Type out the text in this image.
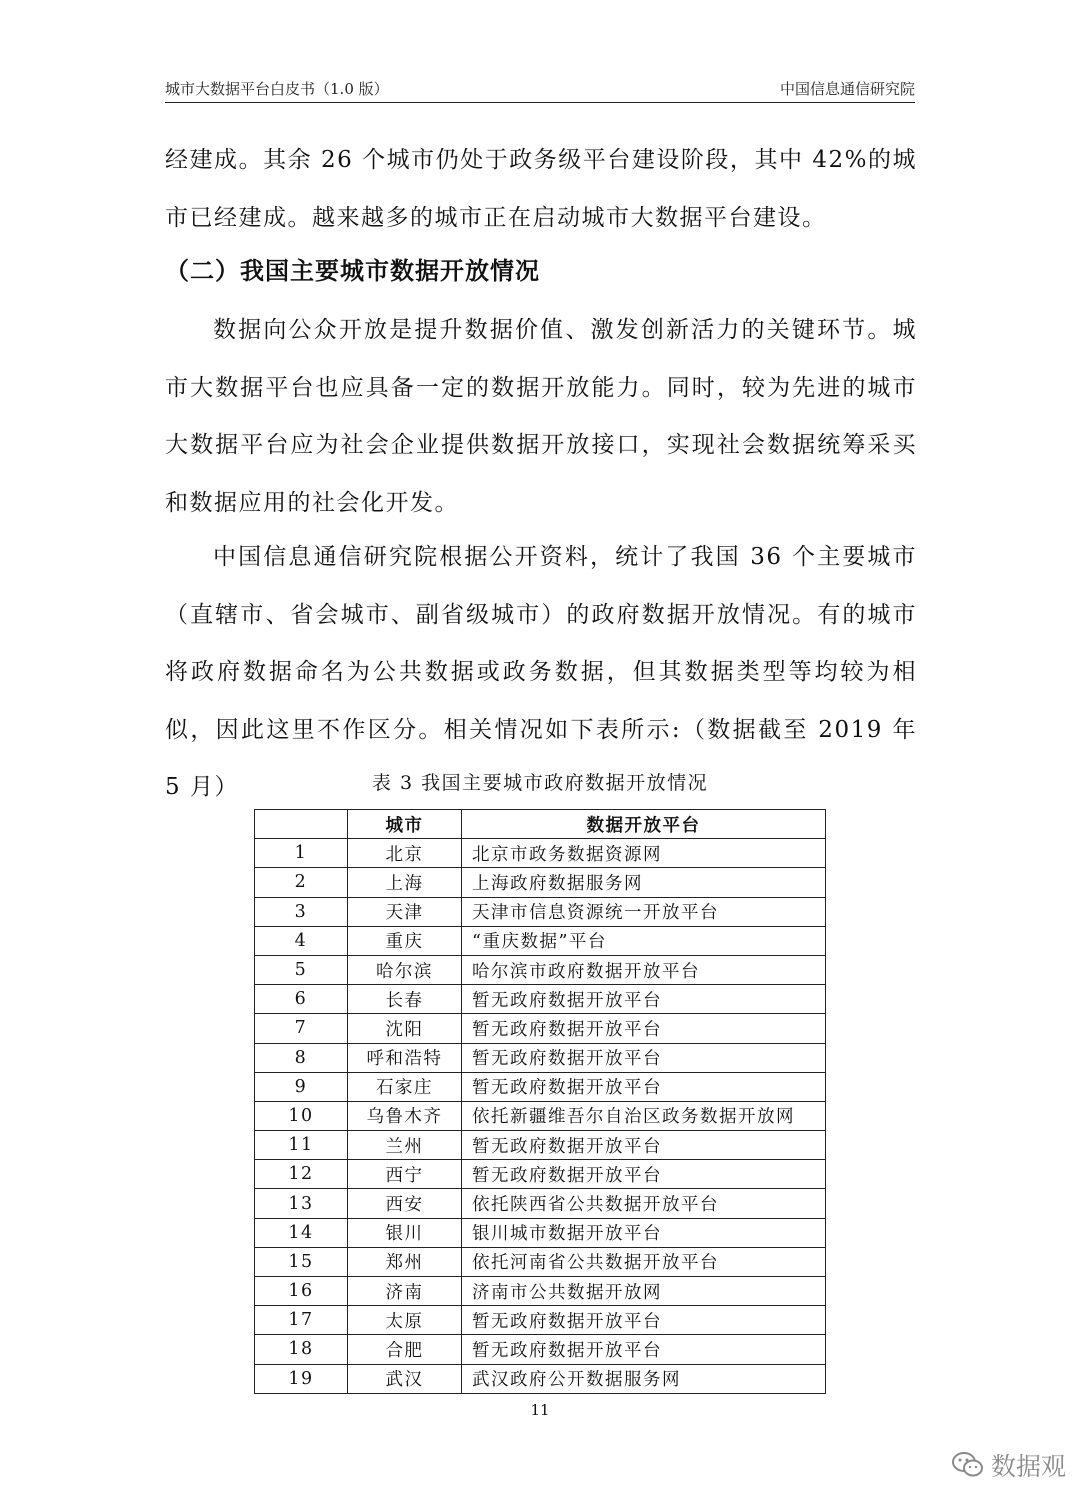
城市大数据平台白皮书（1.0 版）	中国信息通信研究院

经建成。其余 26 个城市仍处于政务级平台建设阶段，其中 42%的城市已经建成。越来越多的城市正在启动城市大数据平台建设。

（二）我国主要城市数据开放情况

数据向公众开放是提升数据价值、激发创新活力的关键环节。城市大数据平台也应具备一定的数据开放能力。同时，较为先进的城市大数据平台应为社会企业提供数据开放接口，实现社会数据统筹采买和数据应用的社会化开发。

中国信息通信研究院根据公开资料，统计了我国 36 个主要城市（直辖市、省会城市、副省级城市）的政府数据开放情况。有的城市将政府数据命名为公共数据或政务数据，但其数据类型等均较为相似，因此这里不作区分。相关情况如下表所示:（数据截至 2019 年 5 月）	表 3 我国主要城市政府数据开放情况
	城市	数据开放平台
1	北京	北京市政务数据资源网
2	上海	上海政府数据服务网
3	天津	天津市信息资源统一开放平台
4	重庆	“重庆数据”平台
5	哈尔滨	哈尔滨市政府数据开放平台
6	长春	暂无政府数据开放平台
7	沈阳	暂无政府数据开放平台
8	呼和浩特	暂无政府数据开放平台
9	石家庄	暂无政府数据开放平台
10	乌鲁木齐	依托新疆维吾尔自治区政务数据开放网
11	兰州	暂无政府数据开放平台
12	西宁	暂无政府数据开放平台
13	西安	依托陕西省公共数据开放平台
14	银川	银川城市数据开放平台
15	郑州	依托河南省公共数据开放平台
16	济南	济南市公共数据开放网
17	太原	暂无政府数据开放平台
18	合肥	暂无政府数据开放平台
19	武汉	武汉政府公开数据服务网
11
数据观
